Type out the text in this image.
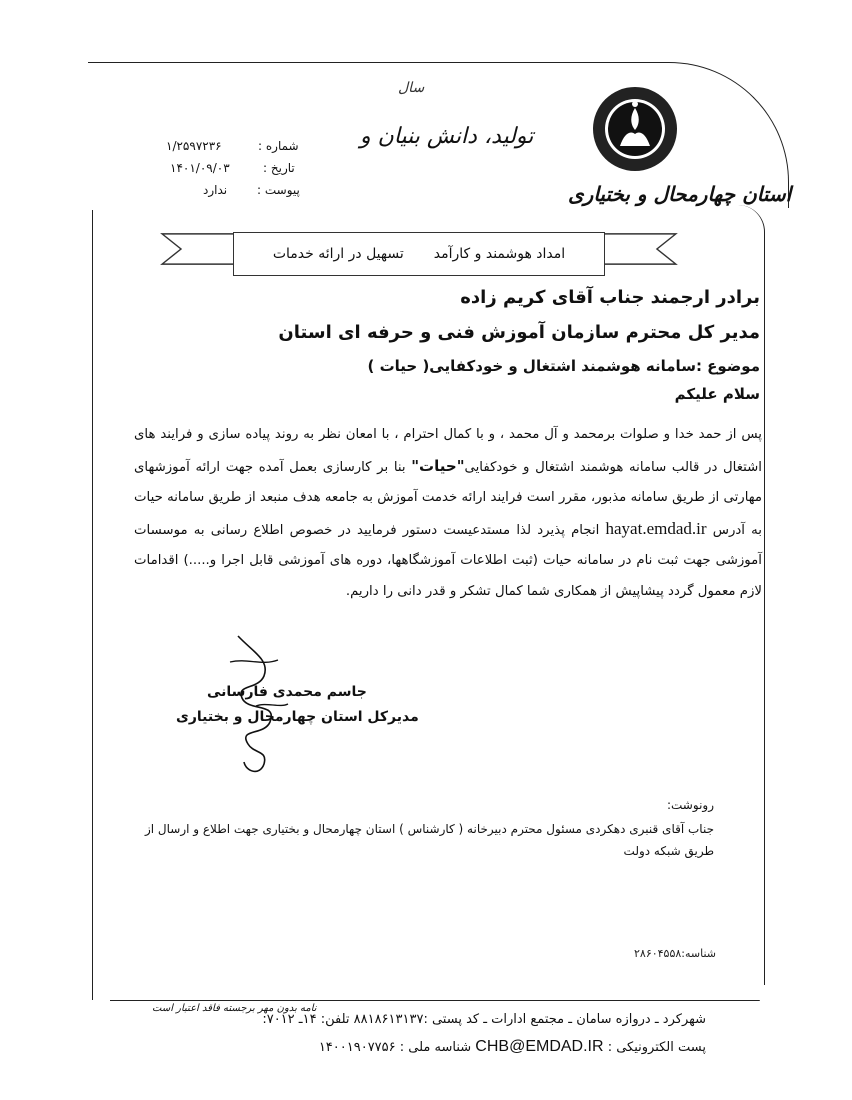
سال
تولید، دانش بنیان و
استان چهارمحال و بختیاری
شماره :
۱/۲۵۹۷۲۳۶
تاریخ :
۱۴۰۱/۰۹/۰۳
پیوست :
ندارد
امداد هوشمند و کارآمد
تسهیل در ارائه خدمات
برادر ارجمند جناب آقای کریم زاده
مدیر کل محترم سازمان آموزش فنی و حرفه ای استان
موضوع :سامانه هوشمند اشتغال و خودکفایی( حیات )
سلام علیکم
پس از حمد خدا و صلوات برمحمد و آل محمد ، و با کمال احترام ، با امعان نظر به روند پیاده سازی و فرایند های اشتغال در قالب سامانه هوشمند اشتغال و خودکفایی"حیات" بنا بر کارسازی بعمل آمده جهت ارائه آموزشهای مهارتی از طریق سامانه مذبور، مقرر است فرایند ارائه خدمت آموزش به جامعه هدف منبعد از طریق سامانه حیات به آدرس hayat.emdad.ir انجام پذیرد لذا مستدعیست دستور فرمایید در خصوص اطلاع رسانی به موسسات آموزشی جهت ثبت نام در سامانه حیات (ثبت اطلاعات آموزشگاهها، دوره های آموزشی قابل اجرا و.....) اقدامات لازم معمول گردد پیشاپیش از همکاری شما کمال تشکر و قدر دانی را داریم.
جاسم محمدی فارسانی
مدیرکل استان چهارمحال و بختیاری
رونوشت:
جناب آقای قنبری دهکردی مسئول محترم دبیرخانه ( کارشناس ) استان چهارمحال و بختیاری جهت اطلاع و ارسال از طریق شبکه دولت
شناسه:۲۸۶۰۴۵۵۸
نامه بدون مهر برجسته فاقد اعتبار است
شهرکرد ـ دروازه سامان ـ مجتمع ادارات ـ کد پستی :۸۸۱۸۶۱۳۱۳۷ تلفن: ۱۴ـ ۷۰۱۲:
پست الکترونیکی : CHB@EMDAD.IR شناسه ملی : ۱۴۰۰۱۹۰۷۷۵۶
